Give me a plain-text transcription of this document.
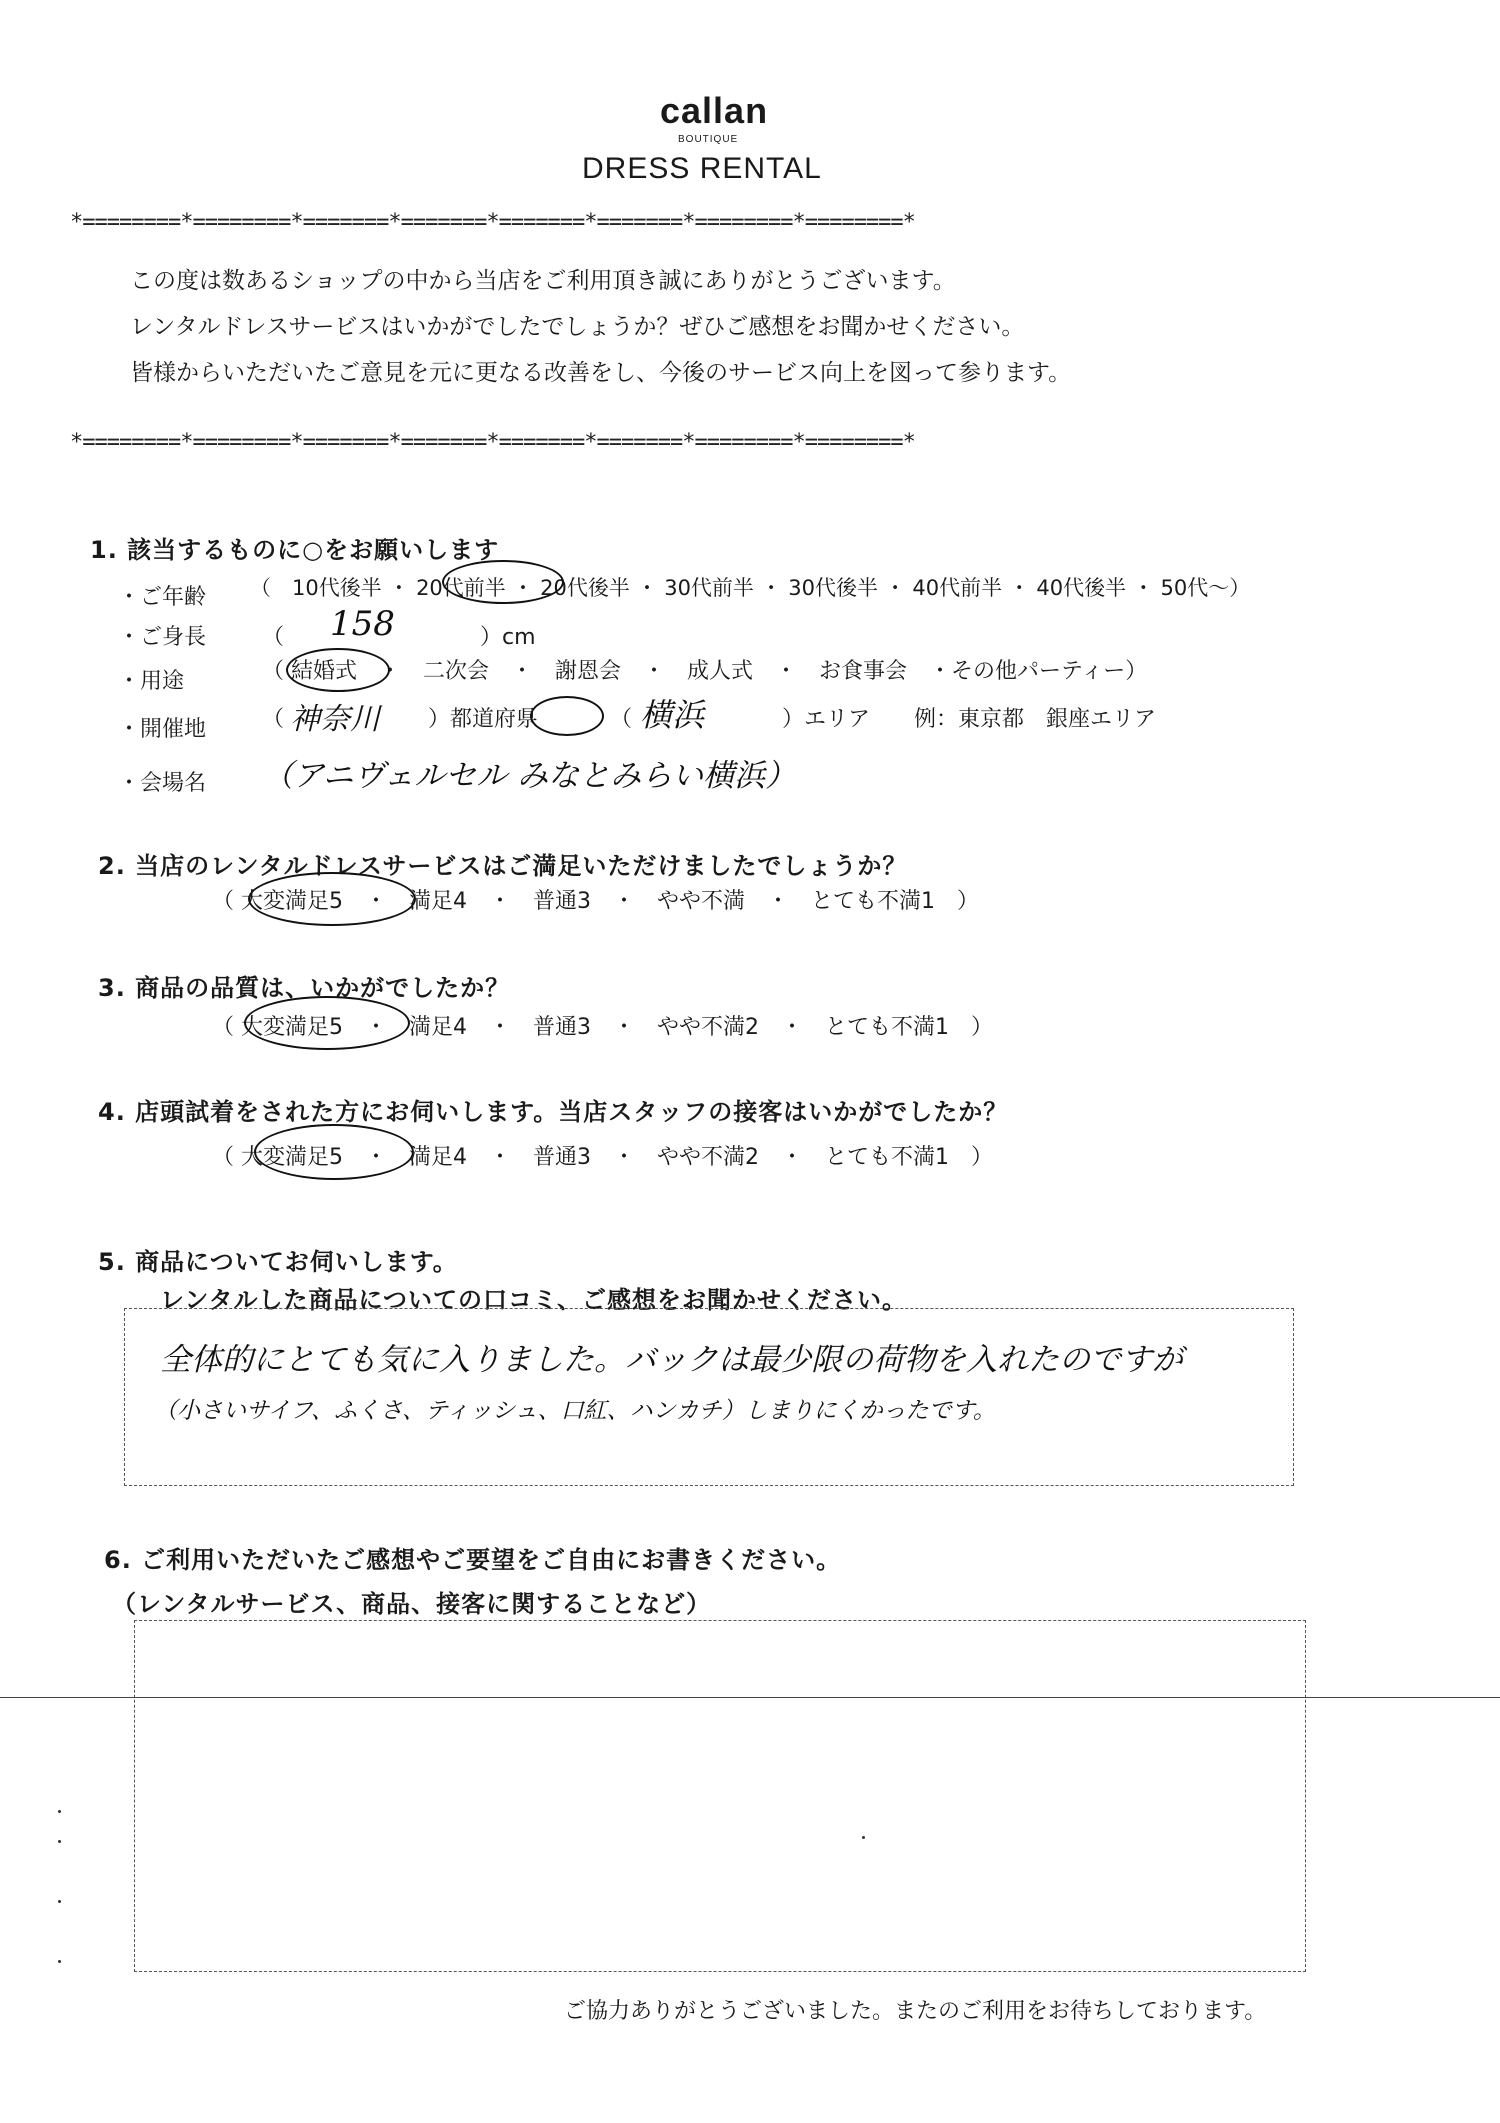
callan
BOUTIQUE
DRESS RENTAL
*========*========*=======*=======*=======*=======*========*========*
この度は数あるショップの中から当店をご利用頂き誠にありがとうございます。
レンタルドレスサービスはいかがでしたでしょうか？ぜひご感想をお聞かせください。
皆様からいただいたご意見を元に更なる改善をし、今後のサービス向上を図って参ります。
*========*========*=======*=======*=======*=======*========*========*
1. 該当するものに○をお願いします
・ご年齢 （　10代後半 ・ 20代前半 ・ 20代後半 ・ 30代前半 ・ 30代後半 ・ 40代前半 ・ 40代後半 ・ 50代～）
・ご身長	（ 158	）cm
・用途	（ 結婚式　・　二次会　・　謝恩会　・　成人式　・　お食事会　・その他パーティー）
・開催地	（ 神奈川 ）都道府県	（ 横浜	）エリア　　例：東京都　銀座エリア
・会場名 （アニヴェルセル みなとみらい横浜）
2. 当店のレンタルドレスサービスはご満足いただけましたでしょうか？
（ 大変満足5　・　満足4　・　普通3　・　やや不満　・　とても不満1　）
3. 商品の品質は、いかがでしたか？
（ 大変満足5　・　満足4　・　普通3　・　やや不満2　・　とても不満1　）
4. 店頭試着をされた方にお伺いします。当店スタッフの接客はいかがでしたか？
（ 大変満足5　・　満足4　・　普通3　・　やや不満2　・　とても不満1　）
5. 商品についてお伺いします。
レンタルした商品についての口コミ、ご感想をお聞かせください。
全体的にとても気に入りました。バックは最少限の荷物を入れたのですが
（小さいサイフ、ふくさ、ティッシュ、口紅、ハンカチ）しまりにくかったです。
6. ご利用いただいたご感想やご要望をご自由にお書きください。
（レンタルサービス、商品、接客に関することなど）
ご協力ありがとうございました。またのご利用をお待ちしております。
